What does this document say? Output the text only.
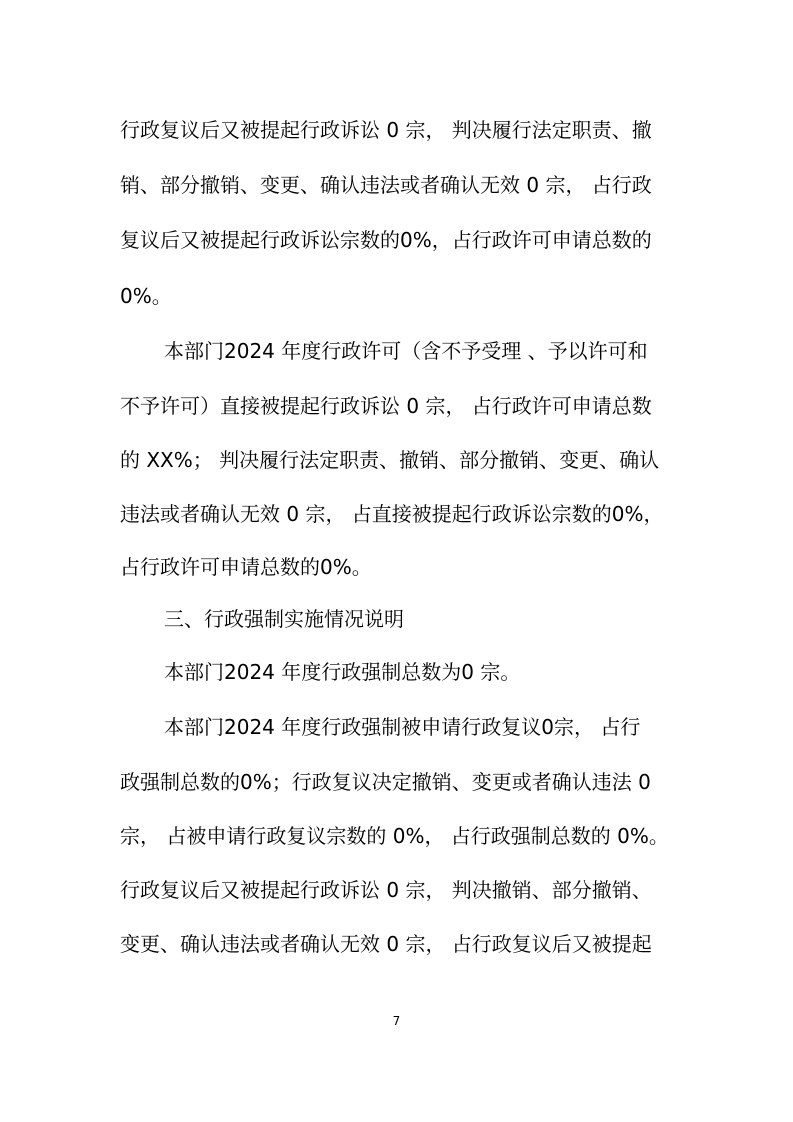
行政复议后又被提起行政诉讼 0 宗， 判决履行法定职责、撤
销、部分撤销、变更、确认违法或者确认无效 0 宗， 占行政
复议后又被提起行政诉讼宗数的0%，占行政许可申请总数的
0%。
本部门2024 年度行政许可（含不予受理 、予以许可和
不予许可）直接被提起行政诉讼 0 宗， 占行政许可申请总数
的 XX%； 判决履行法定职责、撤销、部分撤销、变更、确认
违法或者确认无效 0 宗， 占直接被提起行政诉讼宗数的0%，
占行政许可申请总数的0%。
三、行政强制实施情况说明
本部门2024 年度行政强制总数为0 宗。
本部门2024 年度行政强制被申请行政复议0宗， 占行
政强制总数的0%；行政复议决定撤销、变更或者确认违法 0
宗， 占被申请行政复议宗数的 0%， 占行政强制总数的 0%。
行政复议后又被提起行政诉讼 0 宗， 判决撤销、部分撤销、
变更、确认违法或者确认无效 0 宗， 占行政复议后又被提起
7
